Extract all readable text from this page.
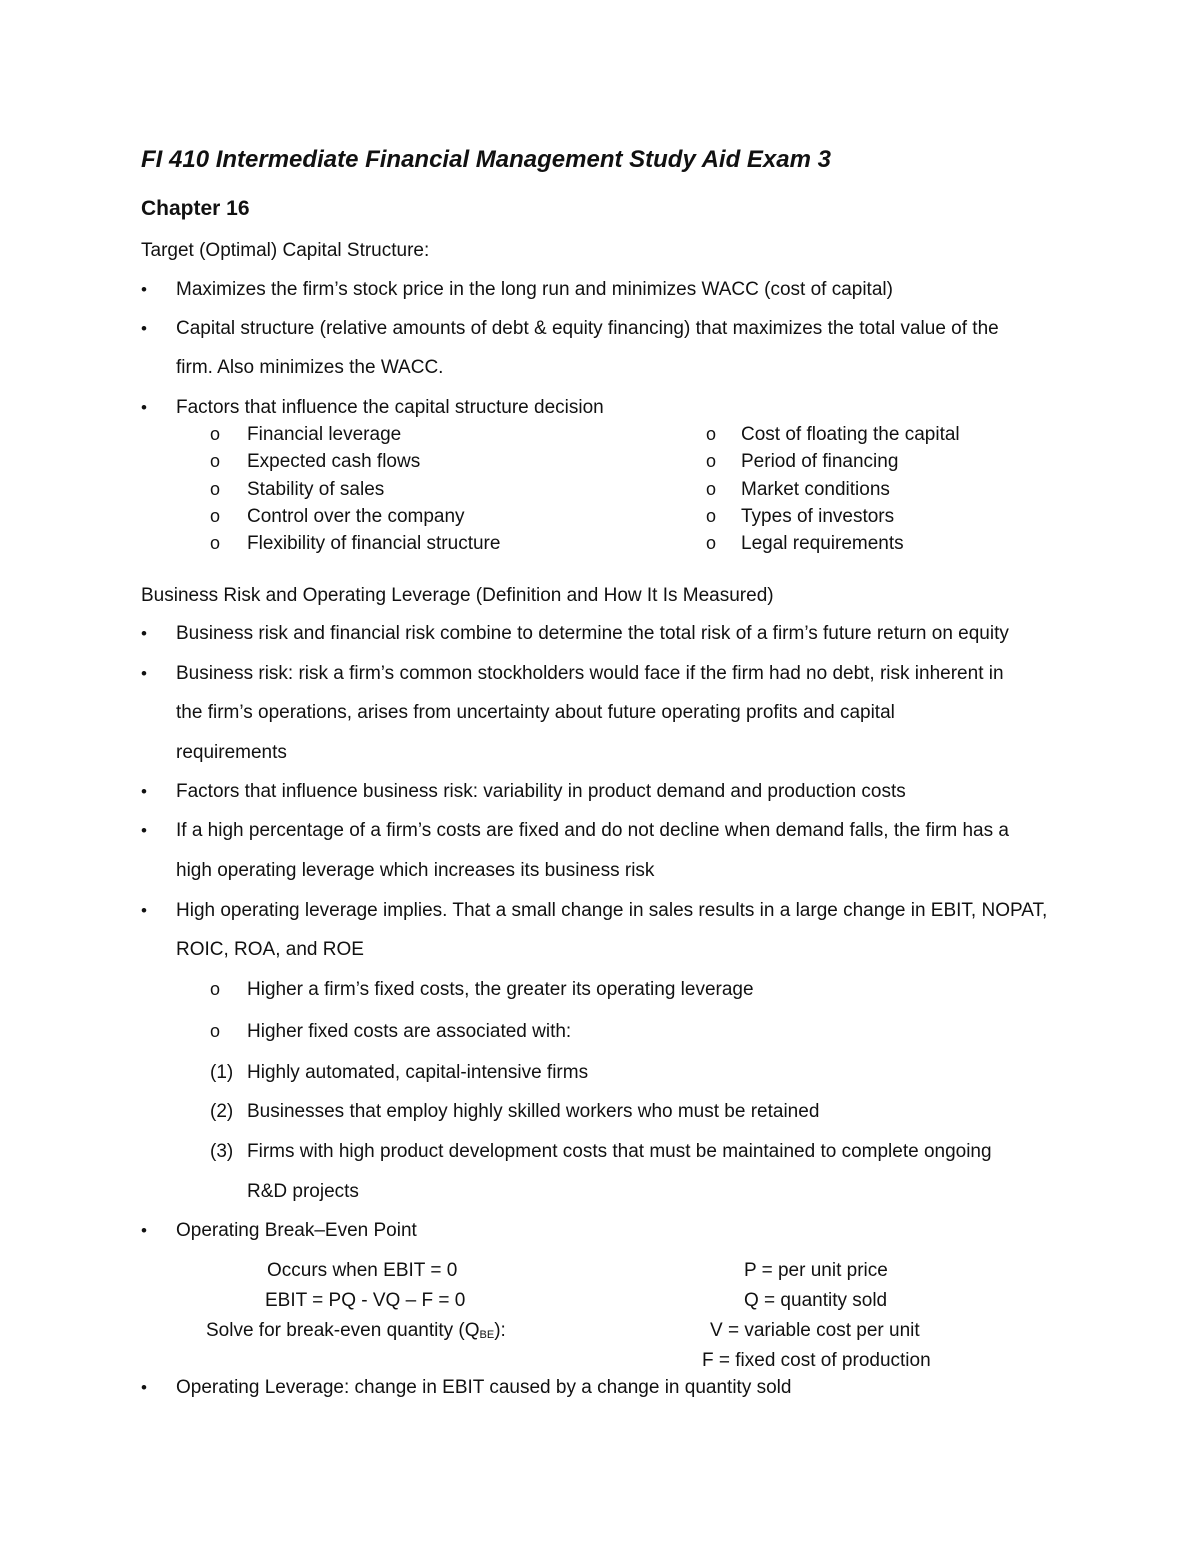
FI 410 Intermediate Financial Management Study Aid Exam 3
Chapter 16
Target (Optimal) Capital Structure:
• Maximizes the firm’s stock price in the long run and minimizes WACC (cost of capital)
• Capital structure (relative amounts of debt & equity financing) that maximizes the total value of the
firm. Also minimizes the WACC.
• Factors that influence the capital structure decision
o Financial leverage
o Expected cash flows
o Stability of sales
o Control over the company
o Flexibility of financial structure
o Cost of floating the capital
o Period of financing
o Market conditions
o Types of investors
o Legal requirements
Business Risk and Operating Leverage (Definition and How It Is Measured)
• Business risk and financial risk combine to determine the total risk of a firm’s future return on equity
• Business risk: risk a firm’s common stockholders would face if the firm had no debt, risk inherent in
the firm’s operations, arises from uncertainty about future operating profits and capital
requirements
• Factors that influence business risk: variability in product demand and production costs
• If a high percentage of a firm’s costs are fixed and do not decline when demand falls, the firm has a
high operating leverage which increases its business risk
• High operating leverage implies. That a small change in sales results in a large change in EBIT, NOPAT,
ROIC, ROA, and ROE
o Higher a firm’s fixed costs, the greater its operating leverage
o Higher fixed costs are associated with:
(1) Highly automated, capital-intensive firms
(2) Businesses that employ highly skilled workers who must be retained
(3) Firms with high product development costs that must be maintained to complete ongoing
R&D projects
• Operating Break–Even Point
Occurs when EBIT = 0
EBIT = PQ - VQ – F = 0
Solve for break-even quantity $(Q_{BE})$:
P = per unit price
Q = quantity sold
V = variable cost per unit
F = fixed cost of production
• Operating Leverage: change in EBIT caused by a change in quantity sold
